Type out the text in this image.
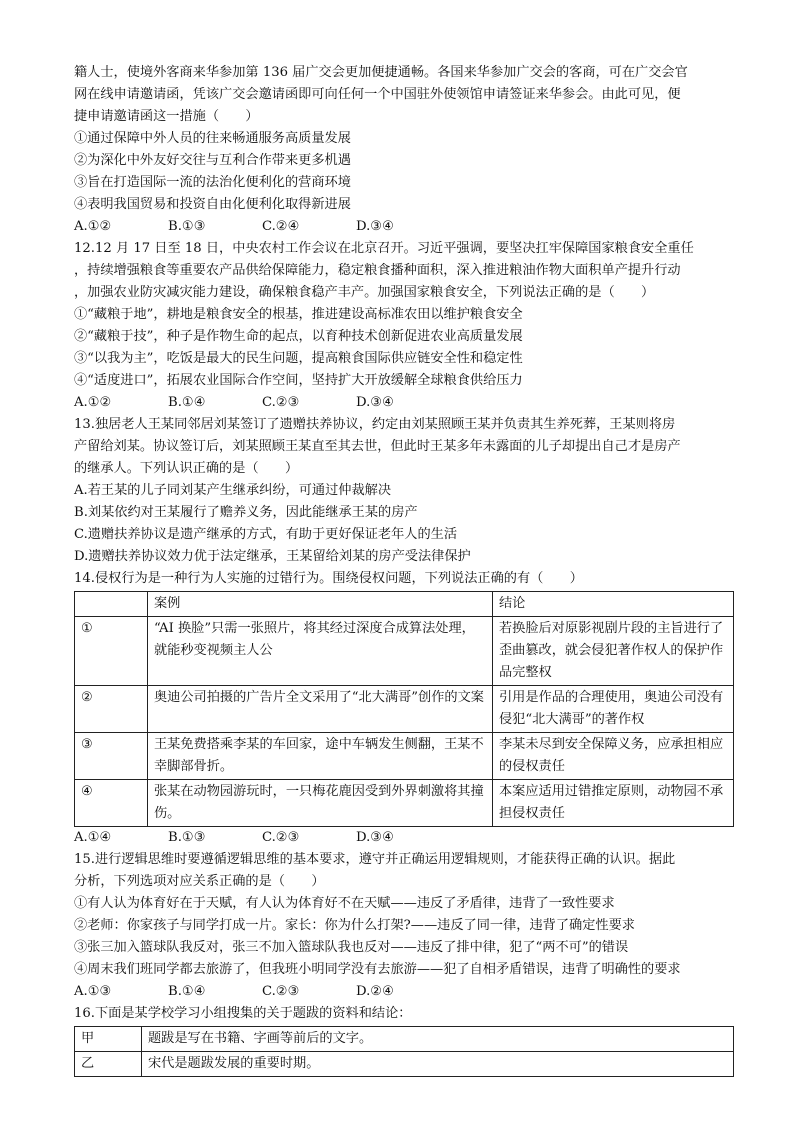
籍人士，使境外客商来华参加第 136 届广交会更加便捷通畅。各国来华参加广交会的客商，可在广交会官

网在线申请邀请函，凭该广交会邀请函即可向任何一个中国驻外使领馆申请签证来华参会。由此可见，便

捷申请邀请函这一措施（　　）

①通过保障中外人员的往来畅通服务高质量发展

②为深化中外友好交往与互利合作带来更多机遇

③旨在打造国际一流的法治化便利化的营商环境

④表明我国贸易和投资自由化便利化取得新进展

A.①②	B.①③	C.②④	D.③④

12.12 月 17 日至 18 日，中央农村工作会议在北京召开。习近平强调，要坚决扛牢保障国家粮食安全重任

，持续增强粮食等重要农产品供给保障能力，稳定粮食播种面积，深入推进粮油作物大面积单产提升行动

，加强农业防灾减灾能力建设，确保粮食稳产丰产。加强国家粮食安全，下列说法正确的是（　　）

①“藏粮于地”，耕地是粮食安全的根基，推进建设高标准农田以维护粮食安全

②“藏粮于技”，种子是作物生命的起点，以育种技术创新促进农业高质量发展

③“以我为主”，吃饭是最大的民生问题，提高粮食国际供应链安全性和稳定性

④“适度进口”，拓展农业国际合作空间，坚持扩大开放缓解全球粮食供给压力

A.①②	B.①④	C.②③	D.③④

13.独居老人王某同邻居刘某签订了遗赠扶养协议，约定由刘某照顾王某并负责其生养死葬，王某则将房

产留给刘某。协议签订后，刘某照顾王某直至其去世，但此时王某多年未露面的儿子却提出自己才是房产

的继承人。下列认识正确的是（　　）

A.若王某的儿子同刘某产生继承纠纷，可通过仲裁解决

B.刘某依约对王某履行了赡养义务，因此能继承王某的房产

C.遗赠扶养协议是遗产继承的方式，有助于更好保证老年人的生活

D.遗赠扶养协议效力优于法定继承，王某留给刘某的房产受法律保护

14.侵权行为是一种行为人实施的过错行为。围绕侵权问题，下列说法正确的有（　　）

	案例	结论
①	“AI 换脸”只需一张照片，将其经过深度合成算法处理，就能秒变视频主人公	若换脸后对原影视剧片段的主旨进行了歪曲篡改，就会侵犯著作权人的保护作品完整权
②	奥迪公司拍摄的广告片全文采用了“北大满哥”创作的文案	引用是作品的合理使用，奥迪公司没有侵犯“北大满哥”的著作权
③	王某免费搭乘李某的车回家，途中车辆发生侧翻，王某不幸脚部骨折。	李某未尽到安全保障义务，应承担相应的侵权责任
④	张某在动物园游玩时，一只梅花鹿因受到外界刺激将其撞伤。	本案应适用过错推定原则，动物园不承担侵权责任
A.①④	B.①③	C.②③	D.③④

15.进行逻辑思维时要遵循逻辑思维的基本要求，遵守并正确运用逻辑规则，才能获得正确的认识。据此

分析，下列选项对应关系正确的是（　　）

①有人认为体育好在于天赋，有人认为体育好不在天赋——违反了矛盾律，违背了一致性要求

②老师：你家孩子与同学打成一片。家长：你为什么打架?——违反了同一律，违背了确定性要求

③张三加入篮球队我反对，张三不加入篮球队我也反对——违反了排中律，犯了“两不可”的错误

④周末我们班同学都去旅游了，但我班小明同学没有去旅游——犯了自相矛盾错误，违背了明确性的要求

A.①③	B.①④	C.②③	D.②④

16.下面是某学校学习小组搜集的关于题跋的资料和结论：

甲	题跋是写在书籍、字画等前后的文字。
乙	宋代是题跋发展的重要时期。
